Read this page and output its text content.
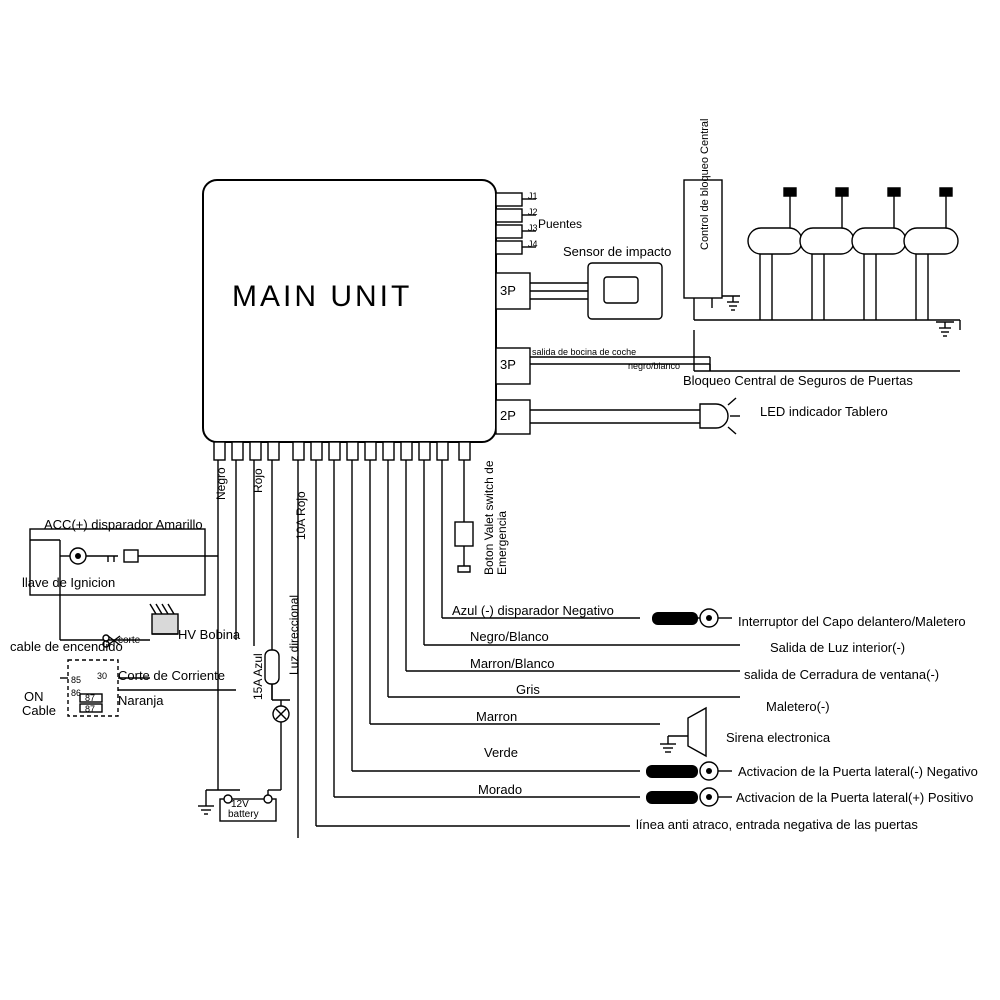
MAIN UNIT
J1
J2
J3
J4
Puentes
3P
3P
2P
Sensor de impacto
salida de bocina de coche
negro/blanco
Control de bloqueo Central
Bloqueo Central de Seguros de Puertas
LED indicador Tablero
Negro Rojo
10A Rojo
Luz direccional
15A Azul
Boton Valet switch de Emergencia
ACC(+) disparador Amarillo
llave de Ignicion
cable de encendido
corte	HV Bobina
Corte de Corriente
Naranja
ON
Cable
85 30
86 87
87
12V
battery
Azul (-) disparador Negativo
Negro/Blanco
Marron/Blanco
Gris
Marron
Verde
Morado
Interruptor del Capo delantero/Maletero
Salida de Luz interior(-)
salida de Cerradura de ventana(-)
Maletero(-)
Sirena electronica
Activacion de la Puerta lateral(-) Negativo
Activacion de la Puerta lateral(+) Positivo
línea anti atraco, entrada negativa de las puertas
